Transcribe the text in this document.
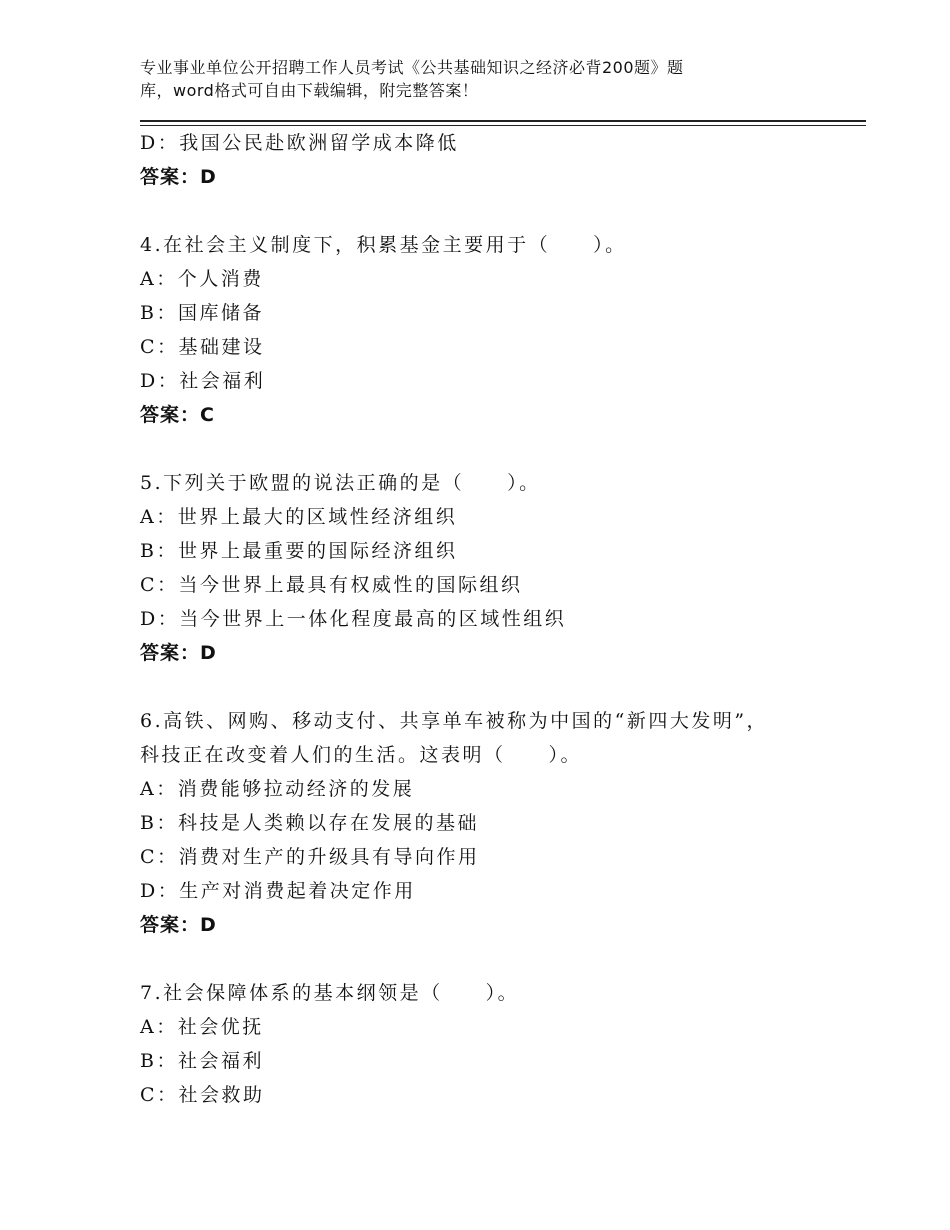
专业事业单位公开招聘工作人员考试《公共基础知识之经济必背200题》题
库，word格式可自由下载编辑，附完整答案！
D：我国公民赴欧洲留学成本降低
答案：D
4.在社会主义制度下，积累基金主要用于（　　）。
A：个人消费
B：国库储备
C：基础建设
D：社会福利
答案：C
5.下列关于欧盟的说法正确的是（　　）。
A：世界上最大的区域性经济组织
B：世界上最重要的国际经济组织
C：当今世界上最具有权威性的国际组织
D：当今世界上一体化程度最高的区域性组织
答案：D
6.高铁、网购、移动支付、共享单车被称为中国的“新四大发明”，
科技正在改变着人们的生活。这表明（　　）。
A：消费能够拉动经济的发展
B：科技是人类赖以存在发展的基础
C：消费对生产的升级具有导向作用
D：生产对消费起着决定作用
答案：D
7.社会保障体系的基本纲领是（　　）。
A：社会优抚
B：社会福利
C：社会救助
